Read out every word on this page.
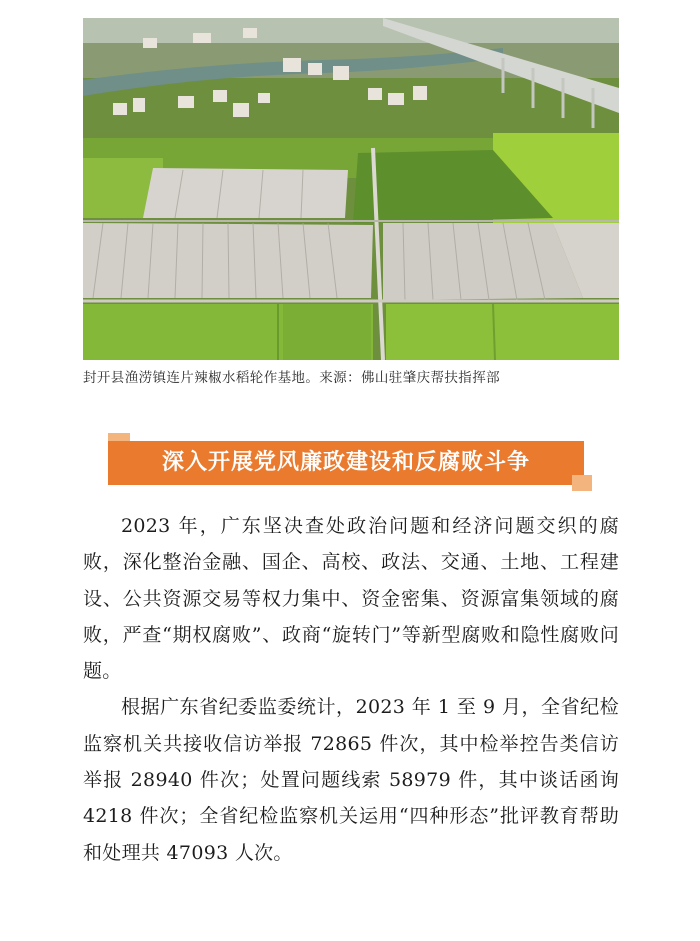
封开县渔涝镇连片辣椒水稻轮作基地。来源：佛山驻肇庆帮扶指挥部
深入开展党风廉政建设和反腐败斗争

2023 年，广东坚决查处政治问题和经济问题交织的腐败，深化整治金融、国企、高校、政法、交通、土地、工程建设、公共资源交易等权力集中、资金密集、资源富集领域的腐败，严查“期权腐败”、政商“旋转门”等新型腐败和隐性腐败问题。

根据广东省纪委监委统计，2023 年 1 至 9 月，全省纪检监察机关共接收信访举报 72865 件次，其中检举控告类信访举报 28940 件次；处置问题线索 58979 件，其中谈话函询 4218 件次；全省纪检监察机关运用“四种形态”批评教育帮助和处理共 47093 人次。
